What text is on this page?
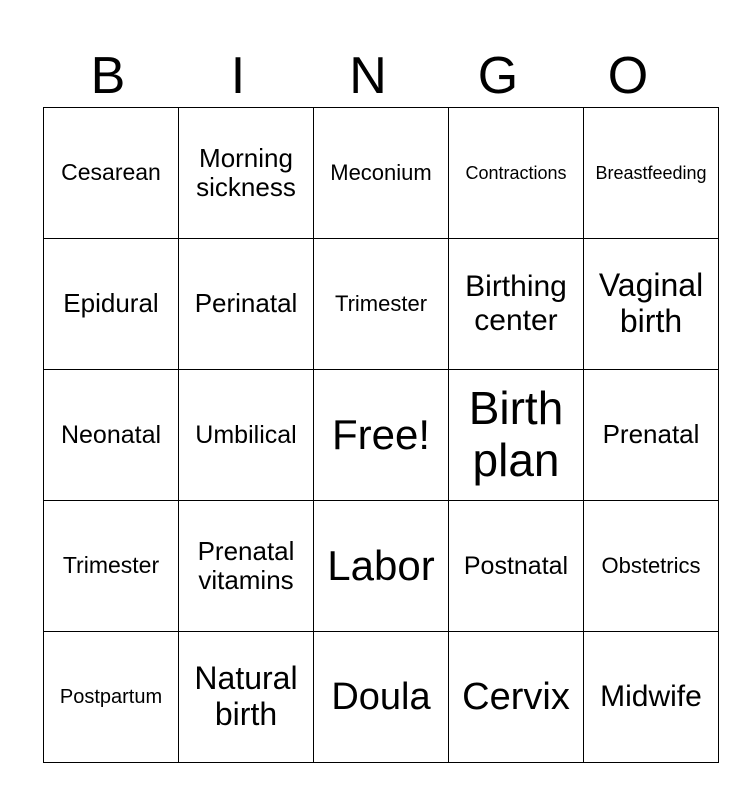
B	I	N	G	O
Cesarean	Morning sickness	Meconium	Contractions	Breastfeeding
Epidural	Perinatal	Trimester	Birthing center	Vaginal birth
Neonatal	Umbilical	Free!	Birth plan	Prenatal
Trimester	Prenatal vitamins	Labor	Postnatal	Obstetrics
Postpartum	Natural birth	Doula	Cervix	Midwife
